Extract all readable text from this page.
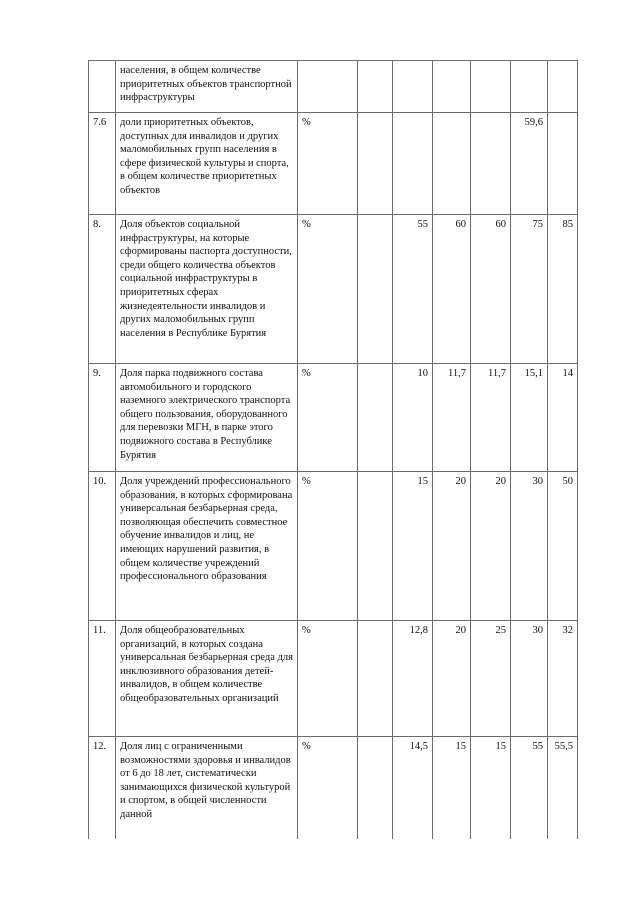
	населения, в общем количестве приоритетных объектов транспортной инфраструктуры							
7.6	доли приоритетных объектов, доступных для инвалидов и других маломобильных групп населения в сфере физической культуры и спорта, в общем количестве приоритетных объектов	%					59,6	
8.	Доля объектов социальной инфраструктуры, на которые сформированы паспорта доступности, среди общего количества объектов социальной инфраструктуры в приоритетных сферах жизнедеятельности инвалидов и других маломобильных групп населения в Республике Бурятия	%		55	60	60	75	85
9.	Доля парка подвижного состава автомобильного и городского наземного электрического транспорта общего пользования, оборудованного для перевозки МГН, в парке этого подвижного состава в Республике Бурятия	%		10	11,7	11,7	15,1	14
10.	Доля учреждений профессионального образования, в которых сформирована универсальная безбарьерная среда, позволяющая обеспечить совместное обучение инвалидов и лиц, не имеющих нарушений развития, в общем количестве учреждений профессионального образования	%		15	20	20	30	50
11.	Доля общеобразовательных организаций, в которых создана универсальная безбарьерная среда для инклюзивного образования детей-инвалидов, в общем количестве общеобразовательных организаций	%		12,8	20	25	30	32
12.	Доля лиц с ограниченными возможностями здоровья и инвалидов от 6 до 18 лет, систематически занимающихся физической культурой и спортом, в общей численности данной	%		14,5	15	15	55	55,5
